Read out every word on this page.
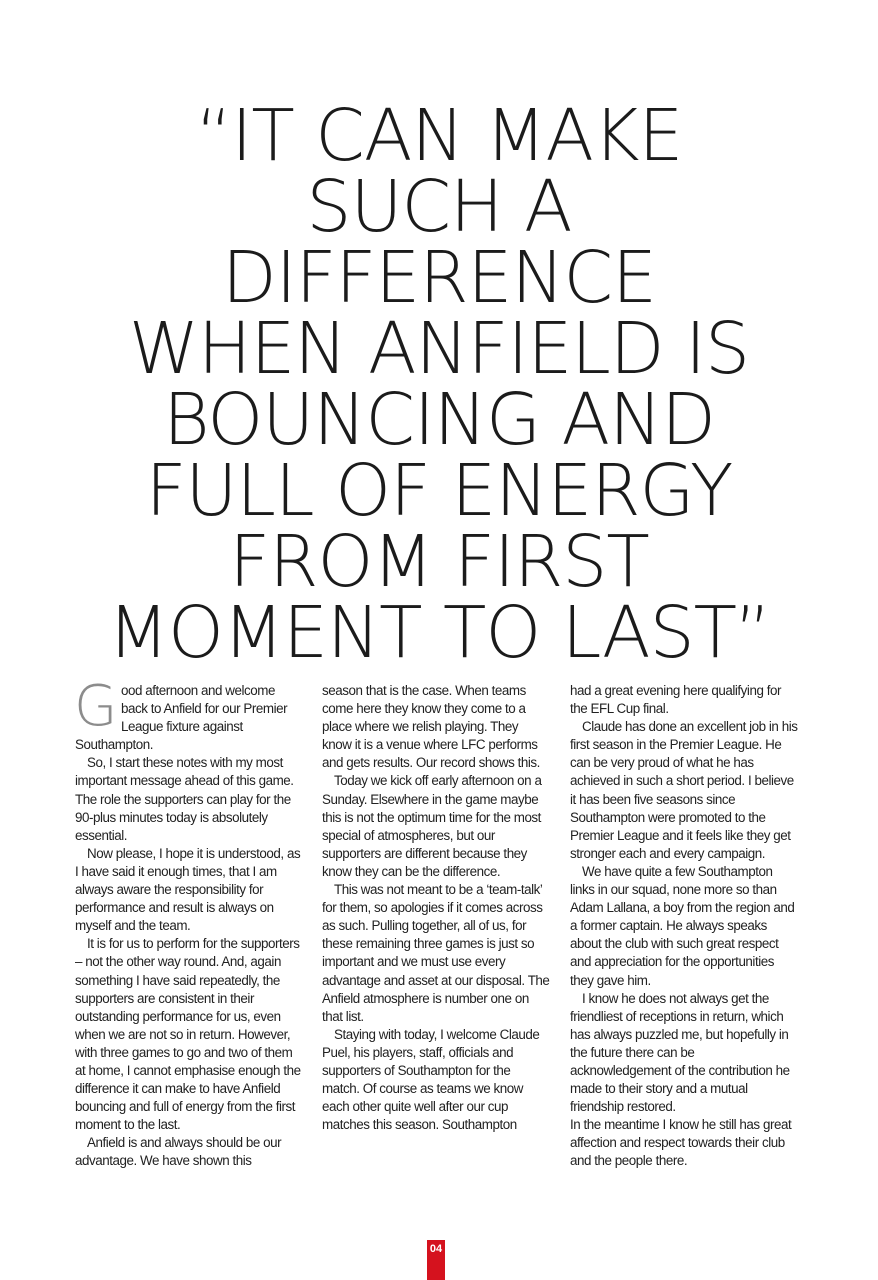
“IT CAN MAKE
SUCH A
DIFFERENCE
WHEN ANFIELD IS
BOUNCING AND
FULL OF ENERGY
FROM FIRST
MOMENT TO LAST”

Good afternoon and welcome back to Anfield for our Premier League fixture against Southampton.

So, I start these notes with my most important message ahead of this game. The role the supporters can play for the 90-plus minutes today is absolutely essential.

Now please, I hope it is understood, as I have said it enough times, that I am always aware the responsibility for performance and result is always on myself and the team.

It is for us to perform for the supporters – not the other way round. And, again something I have said repeatedly, the supporters are consistent in their outstanding performance for us, even when we are not so in return. However, with three games to go and two of them at home, I cannot emphasise enough the difference it can make to have Anfield bouncing and full of energy from the first moment to the last.

Anfield is and always should be our advantage. We have shown this

season that is the case. When teams come here they know they come to a place where we relish playing. They know it is a venue where LFC performs and gets results. Our record shows this.

Today we kick off early afternoon on a Sunday. Elsewhere in the game maybe this is not the optimum time for the most special of atmospheres, but our supporters are different because they know they can be the difference.

This was not meant to be a ‘team-talk’ for them, so apologies if it comes across as such. Pulling together, all of us, for these remaining three games is just so important and we must use every advantage and asset at our disposal. The Anfield atmosphere is number one on that list.

Staying with today, I welcome Claude Puel, his players, staff, officials and supporters of Southampton for the match. Of course as teams we know each other quite well after our cup matches this season. Southampton

had a great evening here qualifying for the EFL Cup final.

Claude has done an excellent job in his first season in the Premier League. He can be very proud of what he has achieved in such a short period. I believe it has been five seasons since Southampton were promoted to the Premier League and it feels like they get stronger each and every campaign.

We have quite a few Southampton links in our squad, none more so than Adam Lallana, a boy from the region and a former captain. He always speaks about the club with such great respect and appreciation for the opportunities they gave him.

I know he does not always get the friendliest of receptions in return, which has always puzzled me, but hopefully in the future there can be acknowledgement of the contribution he made to their story and a mutual friendship restored.

In the meantime I know he still has great affection and respect towards their club and the people there.

04
